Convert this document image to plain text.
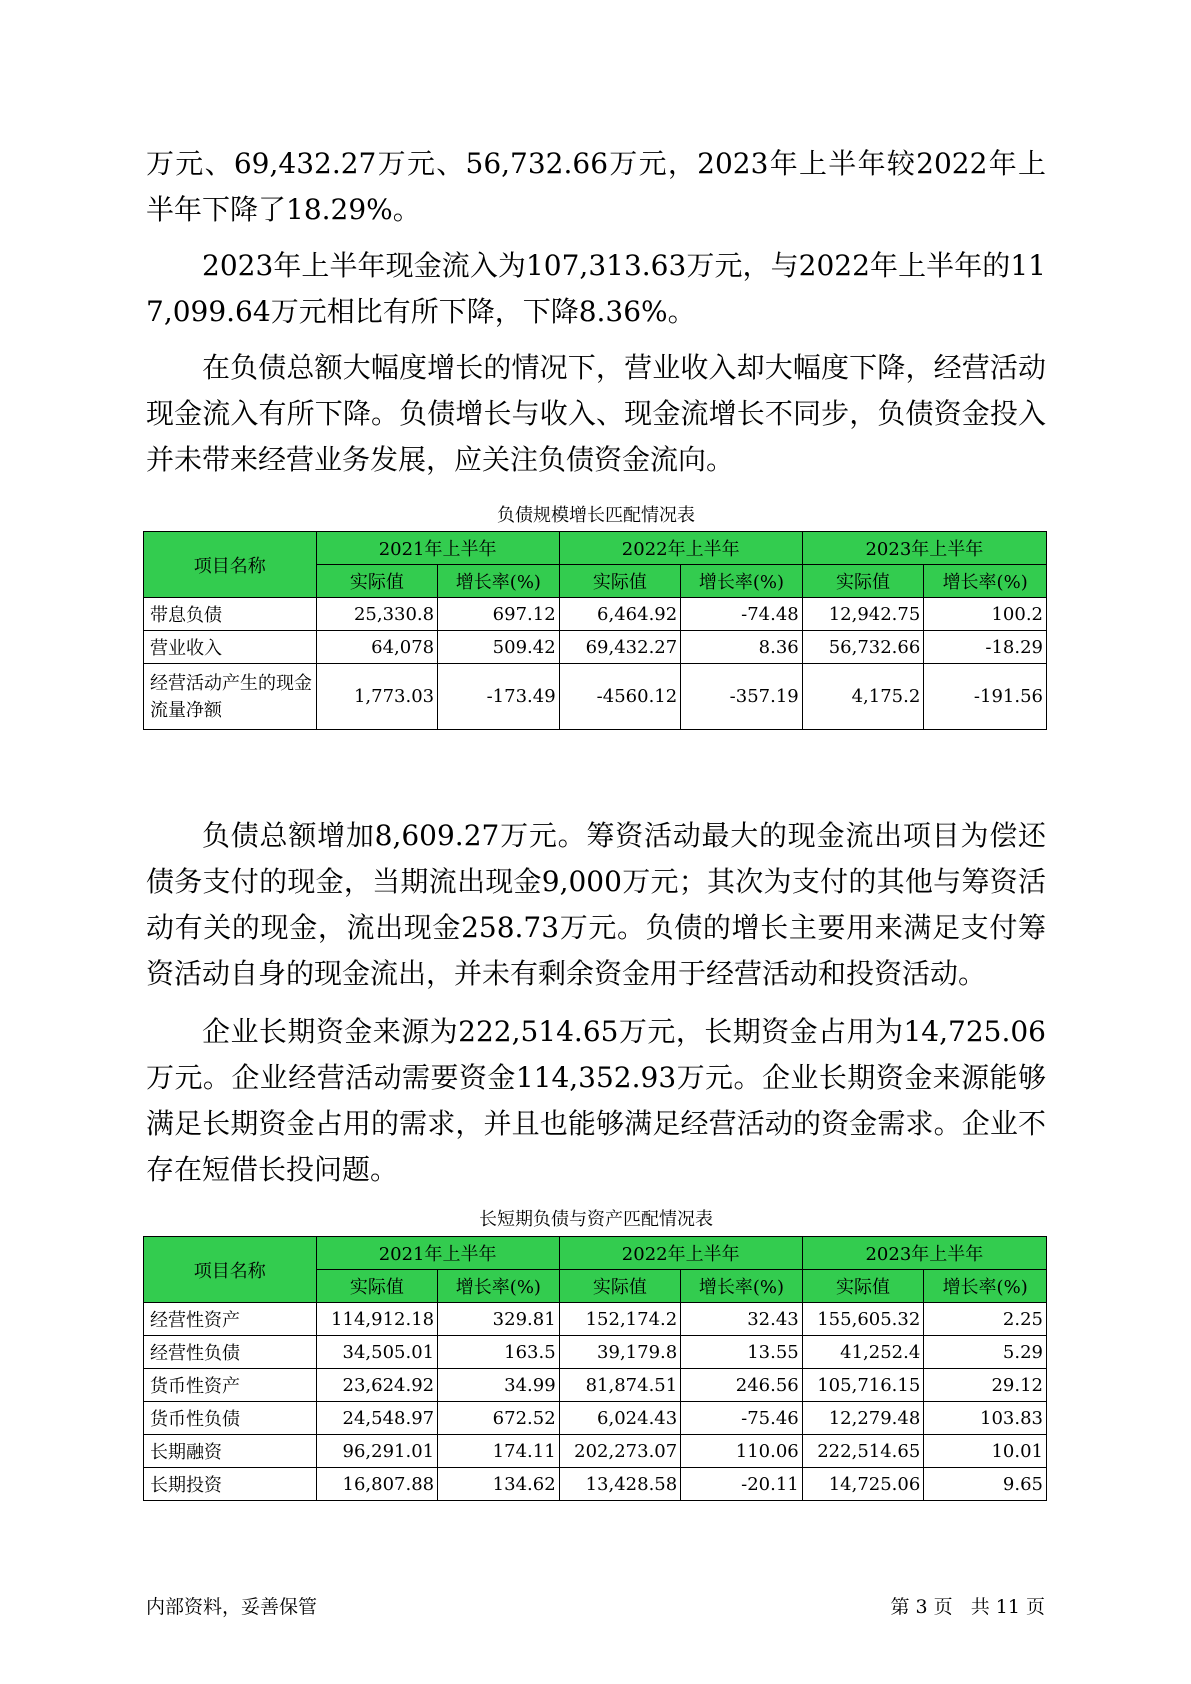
万元、69,432.27万元、56,732.66万元，2023年上半年较2022年上半年下降了18.29%。

2023年上半年现金流入为107,313.63万元，与2022年上半年的117,099.64万元相比有所下降，下降8.36%。

在负债总额大幅度增长的情况下，营业收入却大幅度下降，经营活动现金流入有所下降。负债增长与收入、现金流增长不同步，负债资金投入并未带来经营业务发展，应关注负债资金流向。

负债规模增长匹配情况表
项目名称	2021年上半年		2022年上半年		2023年上半年	
	实际值	增长率(%)	实际值	增长率(%)	实际值	增长率(%)
带息负债	25,330.8	697.12	6,464.92	-74.48	12,942.75	100.2
营业收入	64,078	509.42	69,432.27	8.36	56,732.66	-18.29
经营活动产生的现金流量净额	1,773.03	-173.49	-4560.12	-357.19	4,175.2	-191.56

负债总额增加8,609.27万元。筹资活动最大的现金流出项目为偿还债务支付的现金，当期流出现金9,000万元；其次为支付的其他与筹资活动有关的现金，流出现金258.73万元。负债的增长主要用来满足支付筹资活动自身的现金流出，并未有剩余资金用于经营活动和投资活动。

企业长期资金来源为222,514.65万元，长期资金占用为14,725.06万元。企业经营活动需要资金114,352.93万元。企业长期资金来源能够满足长期资金占用的需求，并且也能够满足经营活动的资金需求。企业不存在短借长投问题。

长短期负债与资产匹配情况表
项目名称	2021年上半年		2022年上半年		2023年上半年	
	实际值	增长率(%)	实际值	增长率(%)	实际值	增长率(%)
经营性资产	114,912.18	329.81	152,174.2	32.43	155,605.32	2.25
经营性负债	34,505.01	163.5	39,179.8	13.55	41,252.4	5.29
货币性资产	23,624.92	34.99	81,874.51	246.56	105,716.15	29.12
货币性负债	24,548.97	672.52	6,024.43	-75.46	12,279.48	103.83
长期融资	96,291.01	174.11	202,273.07	110.06	222,514.65	10.01
长期投资	16,807.88	134.62	13,428.58	-20.11	14,725.06	9.65
内部资料，妥善保管	第 3 页   共 11 页
